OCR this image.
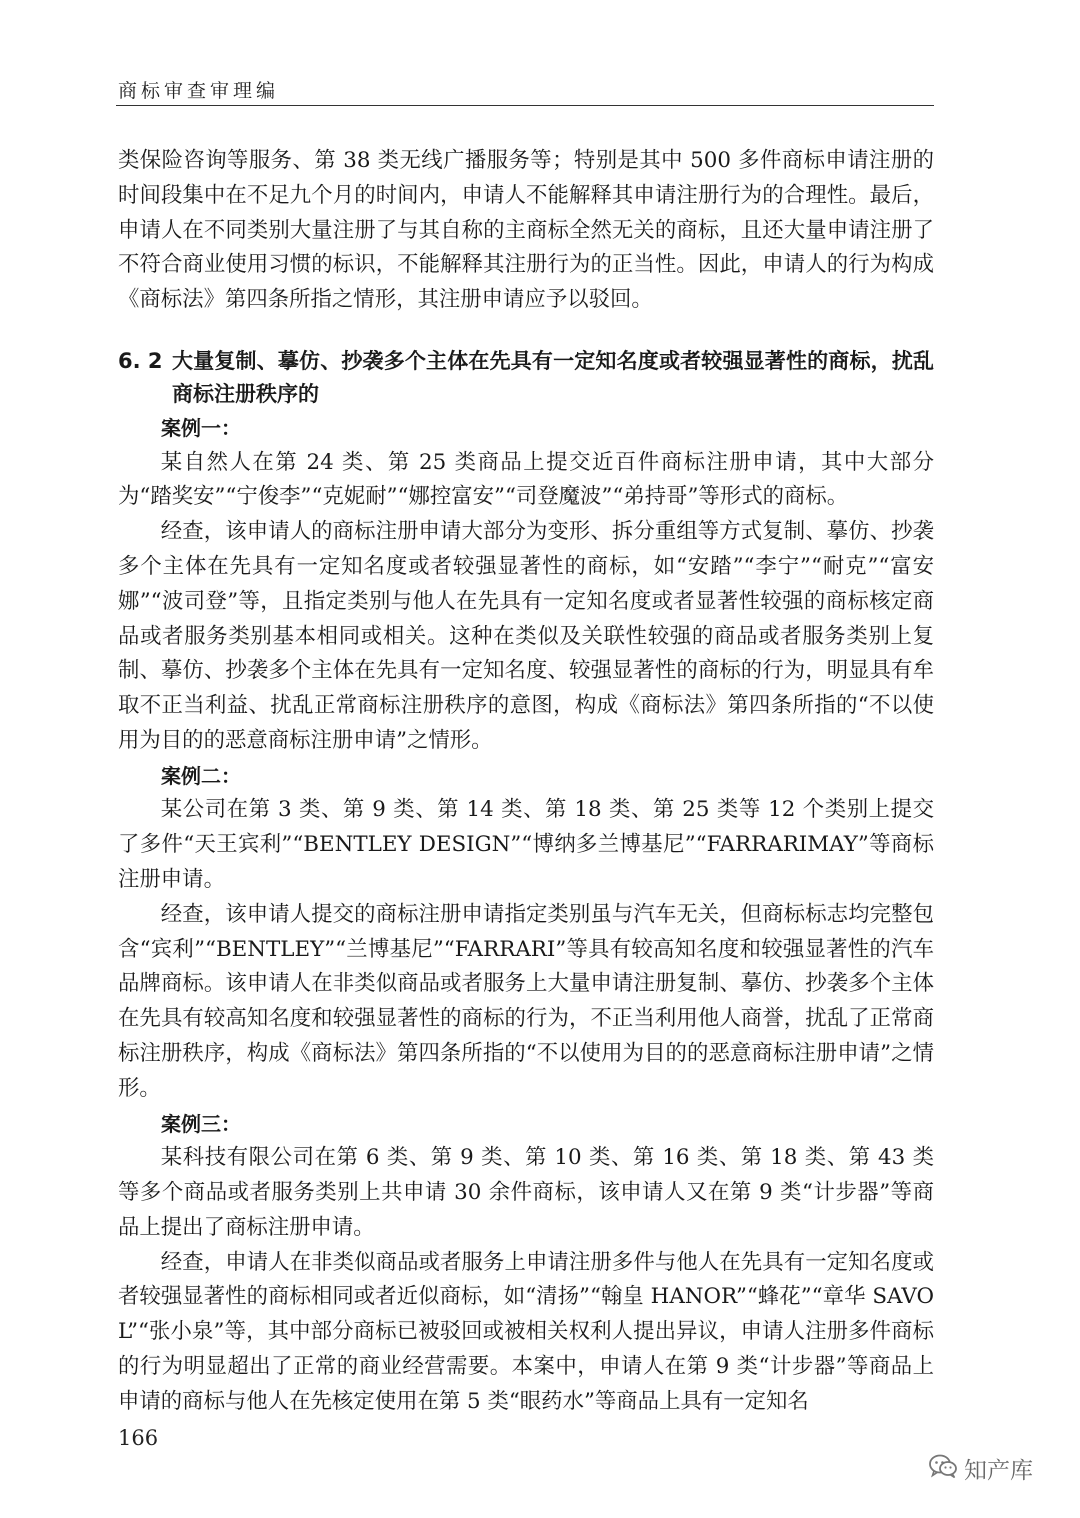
商标审查审理编

类保险咨询等服务、第 38 类无线广播服务等；特别是其中 500 多件商标申请注册的时间段集中在不足九个月的时间内，申请人不能解释其申请注册行为的合理性。最后，申请人在不同类别大量注册了与其自称的主商标全然无关的商标，且还大量申请注册了不符合商业使用习惯的标识，不能解释其注册行为的正当性。因此，申请人的行为构成《商标法》第四条所指之情形，其注册申请应予以驳回。

6. 2 大量复制、摹仿、抄袭多个主体在先具有一定知名度或者较强显著性的商标，扰乱商标注册秩序的

案例一：

某自然人在第 24 类、第 25 类商品上提交近百件商标注册申请，其中大部分为“踏奖安”“宁俊李”“克妮耐”“娜控富安”“司登魔波”“弟持哥”等形式的商标。

经查，该申请人的商标注册申请大部分为变形、拆分重组等方式复制、摹仿、抄袭多个主体在先具有一定知名度或者较强显著性的商标，如“安踏”“李宁”“耐克”“富安娜”“波司登”等，且指定类别与他人在先具有一定知名度或者显著性较强的商标核定商品或者服务类别基本相同或相关。这种在类似及关联性较强的商品或者服务类别上复制、摹仿、抄袭多个主体在先具有一定知名度、较强显著性的商标的行为，明显具有牟取不正当利益、扰乱正常商标注册秩序的意图，构成《商标法》第四条所指的“不以使用为目的的恶意商标注册申请”之情形。

案例二：

某公司在第 3 类、第 9 类、第 14 类、第 18 类、第 25 类等 12 个类别上提交了多件“天王宾利”“BENTLEY DESIGN”“博纳多兰博基尼”“FARRARIMAY”等商标注册申请。

经查，该申请人提交的商标注册申请指定类别虽与汽车无关，但商标标志均完整包含“宾利”“BENTLEY”“兰博基尼”“FARRARI”等具有较高知名度和较强显著性的汽车品牌商标。该申请人在非类似商品或者服务上大量申请注册复制、摹仿、抄袭多个主体在先具有较高知名度和较强显著性的商标的行为，不正当利用他人商誉，扰乱了正常商标注册秩序，构成《商标法》第四条所指的“不以使用为目的的恶意商标注册申请”之情形。

案例三：

某科技有限公司在第 6 类、第 9 类、第 10 类、第 16 类、第 18 类、第 43 类等多个商品或者服务类别上共申请 30 余件商标，该申请人又在第 9 类“计步器”等商品上提出了商标注册申请。

经查，申请人在非类似商品或者服务上申请注册多件与他人在先具有一定知名度或者较强显著性的商标相同或者近似商标，如“清扬”“翰皇 HANOR”“蜂花”“章华 SAVOL”“张小泉”等，其中部分商标已被驳回或被相关权利人提出异议，申请人注册多件商标的行为明显超出了正常的商业经营需要。本案中，申请人在第 9 类“计步器”等商品上申请的商标与他人在先核定使用在第 5 类“眼药水”等商品上具有一定知名

166
知产库
